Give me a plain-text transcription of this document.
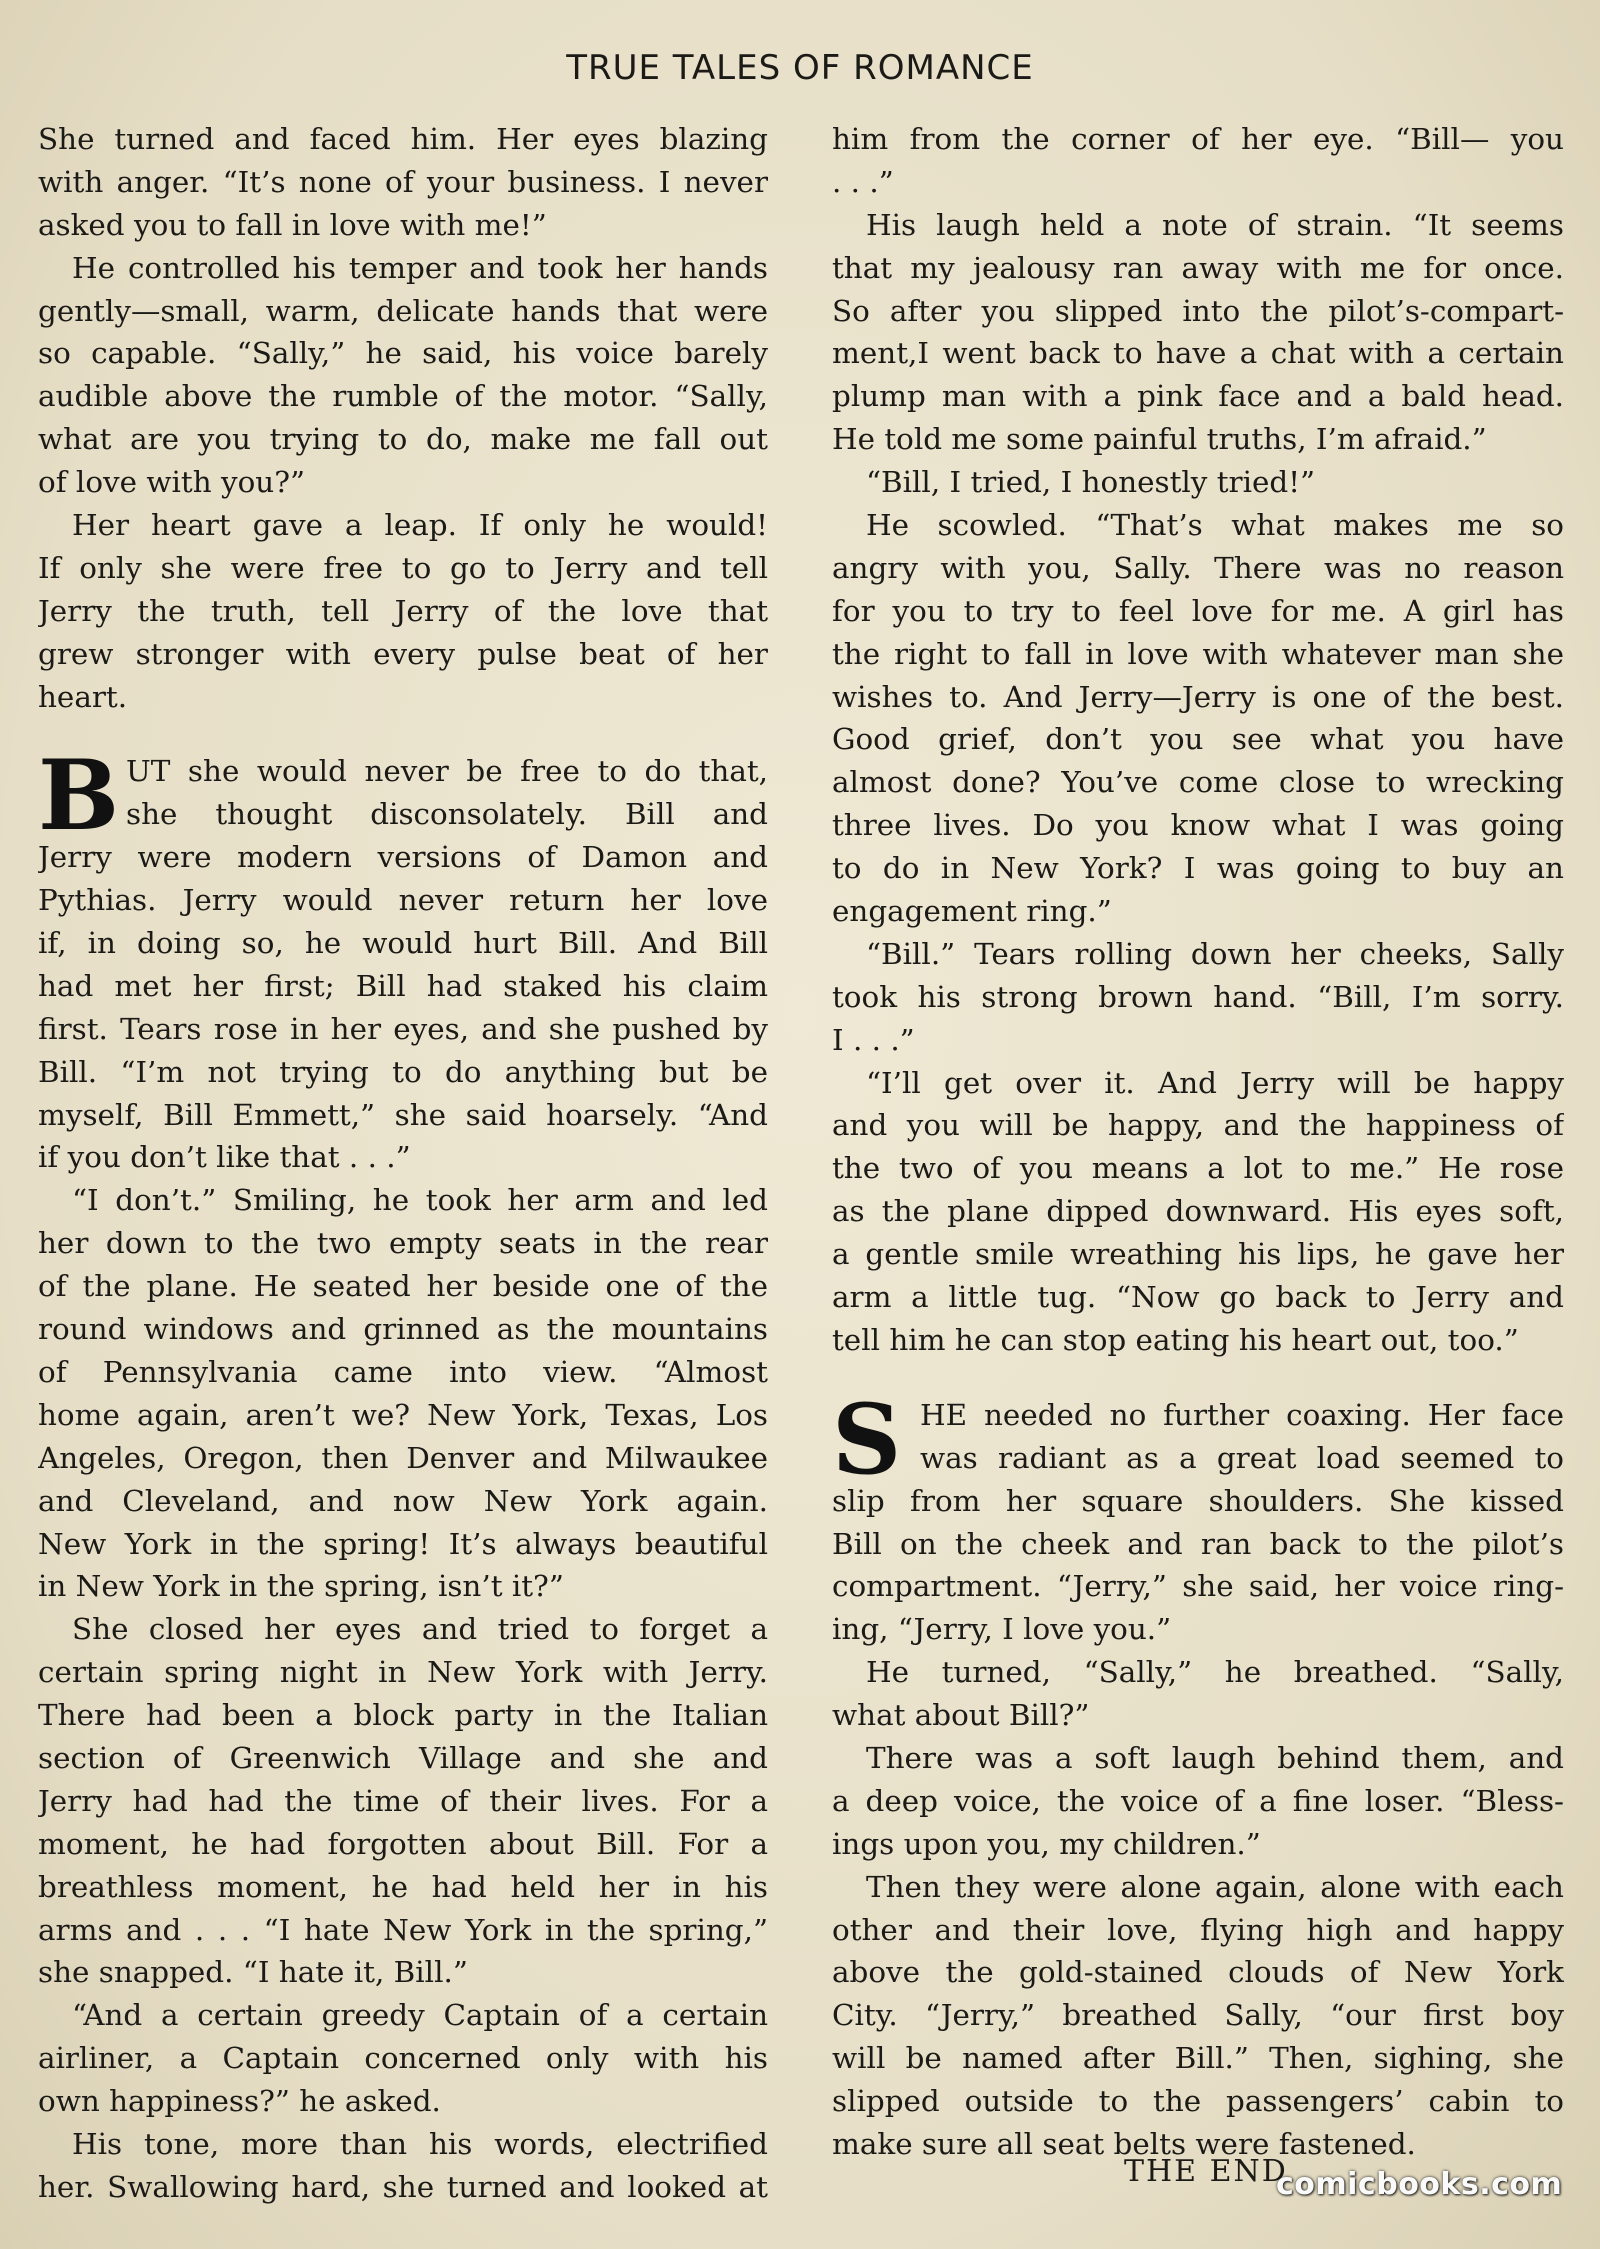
TRUE TALES OF ROMANCE
She turned and faced him. Her eyes blazing
with anger. “It’s none of your business. I never
asked you to fall in love with me!”
He controlled his temper and took her hands
gently—small, warm, delicate hands that were
so capable. “Sally,” he said, his voice barely
audible above the rumble of the motor. “Sally,
what are you trying to do, make me fall out
of love with you?”
Her heart gave a leap. If only he would!
If only she were free to go to Jerry and tell
Jerry the truth, tell Jerry of the love that
grew stronger with every pulse beat of her
heart.
B UT she would never be free to do that,
she thought disconsolately. Bill and
Jerry were modern versions of Damon and
Pythias. Jerry would never return her love
if, in doing so, he would hurt Bill. And Bill
had met her first; Bill had staked his claim
first. Tears rose in her eyes, and she pushed by
Bill. “I’m not trying to do anything but be
myself, Bill Emmett,” she said hoarsely. “And
if you don’t like that . . .”
“I don’t.” Smiling, he took her arm and led
her down to the two empty seats in the rear
of the plane. He seated her beside one of the
round windows and grinned as the mountains
of Pennsylvania came into view. “Almost
home again, aren’t we? New York, Texas, Los
Angeles, Oregon, then Denver and Milwaukee
and Cleveland, and now New York again.
New York in the spring! It’s always beautiful
in New York in the spring, isn’t it?”
She closed her eyes and tried to forget a
certain spring night in New York with Jerry.
There had been a block party in the Italian
section of Greenwich Village and she and
Jerry had had the time of their lives. For a
moment, he had forgotten about Bill. For a
breathless moment, he had held her in his
arms and . . . “I hate New York in the spring,”
she snapped. “I hate it, Bill.”
“And a certain greedy Captain of a certain
airliner, a Captain concerned only with his
own happiness?” he asked.
His tone, more than his words, electrified
her. Swallowing hard, she turned and looked at
him from the corner of her eye. “Bill— you
. . .”
His laugh held a note of strain. “It seems
that my jealousy ran away with me for once.
So after you slipped into the pilot’s-compart-
ment,I went back to have a chat with a certain
plump man with a pink face and a bald head.
He told me some painful truths, I’m afraid.”
“Bill, I tried, I honestly tried!”
He scowled. “That’s what makes me so
angry with you, Sally. There was no reason
for you to try to feel love for me. A girl has
the right to fall in love with whatever man she
wishes to. And Jerry—Jerry is one of the best.
Good grief, don’t you see what you have
almost done? You’ve come close to wrecking
three lives. Do you know what I was going
to do in New York? I was going to buy an
engagement ring.”
“Bill.” Tears rolling down her cheeks, Sally
took his strong brown hand. “Bill, I’m sorry.
I . . .”
“I’ll get over it. And Jerry will be happy
and you will be happy, and the happiness of
the two of you means a lot to me.” He rose
as the plane dipped downward. His eyes soft,
a gentle smile wreathing his lips, he gave her
arm a little tug. “Now go back to Jerry and
tell him he can stop eating his heart out, too.”
S HE needed no further coaxing. Her face
was radiant as a great load seemed to
slip from her square shoulders. She kissed
Bill on the cheek and ran back to the pilot’s
compartment. “Jerry,” she said, her voice ring-
ing, “Jerry, I love you.”
He turned, “Sally,” he breathed. “Sally,
what about Bill?”
There was a soft laugh behind them, and
a deep voice, the voice of a fine loser. “Bless-
ings upon you, my children.”
Then they were alone again, alone with each
other and their love, flying high and happy
above the gold-stained clouds of New York
City. “Jerry,” breathed Sally, “our first boy
will be named after Bill.” Then, sighing, she
slipped outside to the passengers’ cabin to
make sure all seat belts were fastened.
THE END
comicbooks.com
